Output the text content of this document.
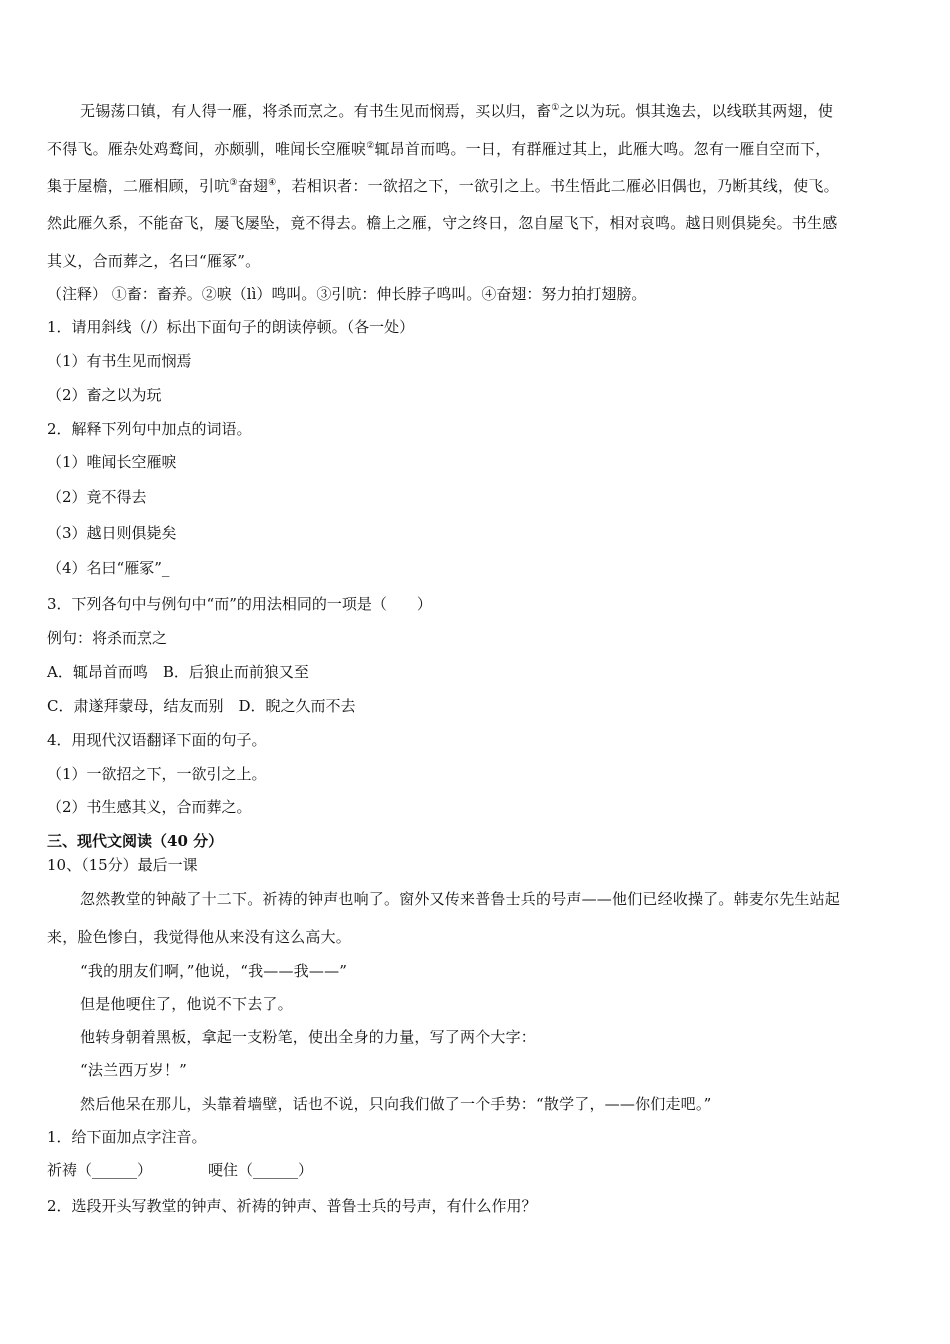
无锡荡口镇，有人得一雁，将杀而烹之。有书生见而悯焉，买以归，畜①之以为玩。惧其逸去，以线联其两翅，使
不得飞。雁杂处鸡鹜间，亦颇驯，唯闻长空雁唳②辄昂首而鸣。一日，有群雁过其上，此雁大鸣。忽有一雁自空而下，
集于屋檐，二雁相顾，引吭③奋翅④，若相识者：一欲招之下，一欲引之上。书生悟此二雁必旧偶也，乃断其线，使飞。
然此雁久系，不能奋飞，屡飞屡坠，竟不得去。檐上之雁，守之终日，忽自屋飞下，相对哀鸣。越日则俱毙矣。书生感
其义，合而葬之，名曰“雁冢”。
（注释） ①畜：畜养。②唳（lì）鸣叫。③引吭：伸长脖子鸣叫。④奋翅：努力拍打翅膀。
1．请用斜线（/）标出下面句子的朗读停顿。（各一处）
（1）有书生见而悯焉
（2）畜之以为玩
2．解释下列句中加点的词语。
（1）唯闻长空雁唳
（2）竟不得去
（3）越日则俱毙矣
（4）名曰“雁冢”_
3．下列各句中与例句中“而”的用法相同的一项是（　　）
例句：将杀而烹之
A．辄昂首而鸣　B．后狼止而前狼又至
C．肃遂拜蒙母，结友而别　D．睨之久而不去
4．用现代汉语翻译下面的句子。
（1）一欲招之下，一欲引之上。
（2）书生感其义，合而葬之。
三、现代文阅读（40 分）
10、（15分）最后一课
忽然教堂的钟敲了十二下。祈祷的钟声也响了。窗外又传来普鲁士兵的号声——他们已经收操了。韩麦尔先生站起
来，脸色惨白，我觉得他从来没有这么高大。
“我的朋友们啊，”他说，“我——我——”
但是他哽住了，他说不下去了。
他转身朝着黑板，拿起一支粉笔，使出全身的力量，写了两个大字：
“法兰西万岁！”
然后他呆在那儿，头靠着墙壁，话也不说，只向我们做了一个手势：“散学了，——你们走吧。”
1．给下面加点字注音。
祈祷（______）	哽住（______）
2．选段开头写教堂的钟声、祈祷的钟声、普鲁士兵的号声，有什么作用？
